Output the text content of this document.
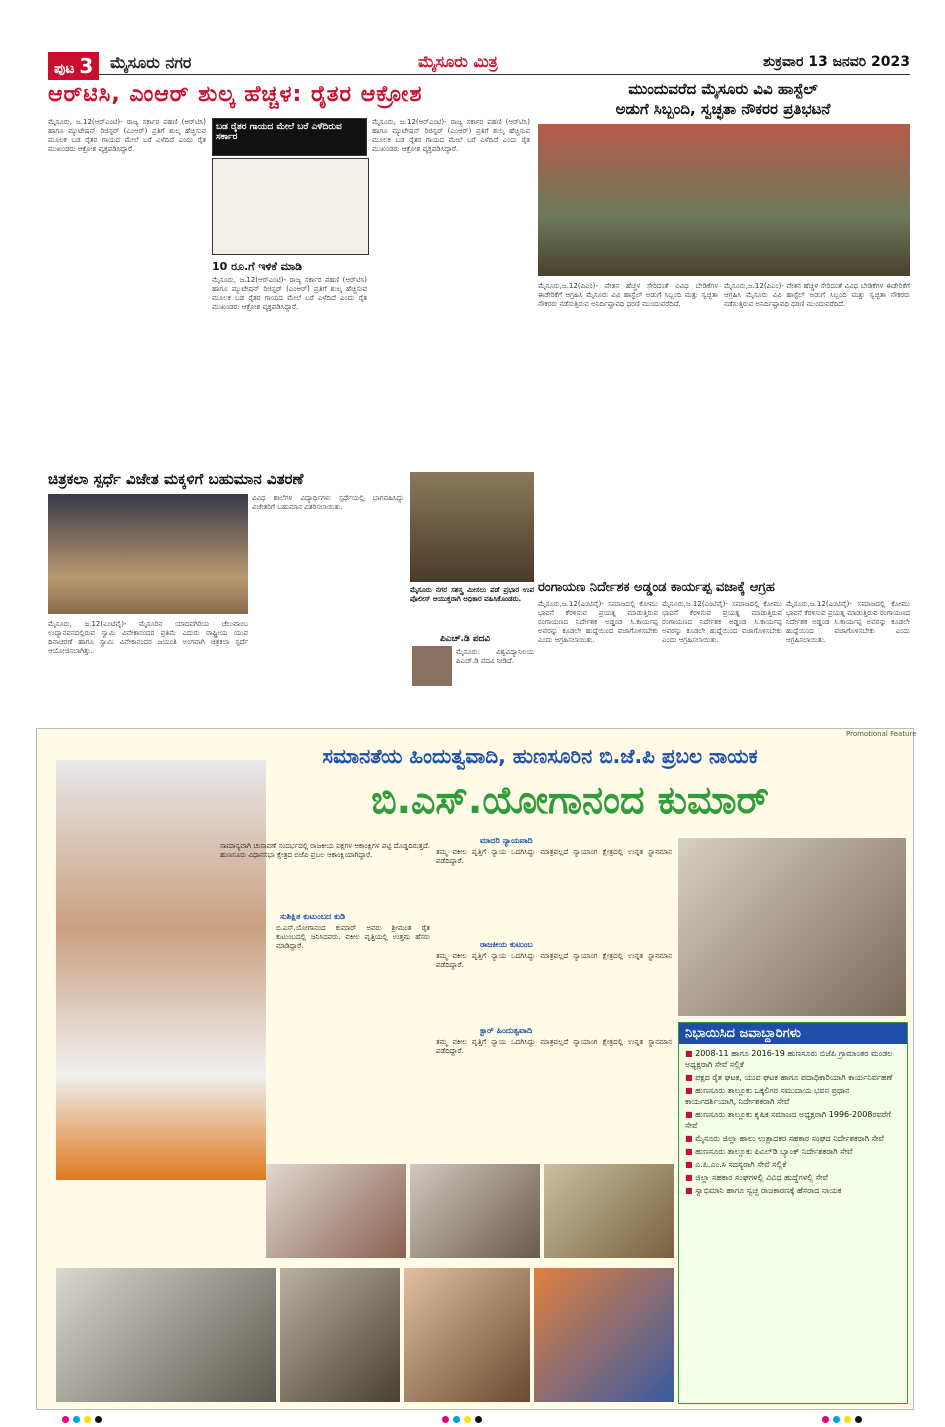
ಪುಟ 3	ಮೈಸೂರು ನಗರ	ಮೈಸೂರು ಮಿತ್ರ	ಶುಕ್ರವಾರ 13 ಜನವರಿ 2023
ಆರ್‌ಟಿಸಿ, ಎಂಆರ್ ಶುಲ್ಕ ಹೆಚ್ಚಳ: ರೈತರ ಆಕ್ರೋಶ
ಮೈಸೂರು, ಜ.12(ಆರ್‌ಎಂಟಿ)- ರಾಜ್ಯ ಸರ್ಕಾರ ಪಹಣಿ (ಆರ್‌ಟಿಸಿ) ಹಾಗೂ ಮ್ಯುಟೇಷನ್ ರಿಜಿಸ್ಟರ್ (ಎಂಆರ್) ಪ್ರತಿಗೆ ಶುಲ್ಕ ಹೆಚ್ಚಿಸುವ ಮೂಲಕ ಬಡ ರೈತರ ಗಾಯದ ಮೇಲೆ ಬರೆ ಎಳೆದಿದೆ ಎಂದು ರೈತ ಮುಖಂಡರು ಆಕ್ರೋಶ ವ್ಯಕ್ತಪಡಿಸಿದ್ದಾರೆ.
ಬಡ ರೈತರ ಗಾಯದ ಮೇಲೆ ಬರೆ ಎಳೆದಿರುವ ಸರ್ಕಾರ
10 ರೂ.ಗೆ ಇಳಿಕೆ ಮಾಡಿ
ಮೈಸೂರು, ಜ.12(ಆರ್‌ಎಂಟಿ)- ರಾಜ್ಯ ಸರ್ಕಾರ ಪಹಣಿ (ಆರ್‌ಟಿಸಿ) ಹಾಗೂ ಮ್ಯುಟೇಷನ್ ರಿಜಿಸ್ಟರ್ (ಎಂಆರ್) ಪ್ರತಿಗೆ ಶುಲ್ಕ ಹೆಚ್ಚಿಸುವ ಮೂಲಕ ಬಡ ರೈತರ ಗಾಯದ ಮೇಲೆ ಬರೆ ಎಳೆದಿದೆ ಎಂದು ರೈತ ಮುಖಂಡರು ಆಕ್ರೋಶ ವ್ಯಕ್ತಪಡಿಸಿದ್ದಾರೆ.
ಮೈಸೂರು, ಜ.12(ಆರ್‌ಎಂಟಿ)- ರಾಜ್ಯ ಸರ್ಕಾರ ಪಹಣಿ (ಆರ್‌ಟಿಸಿ) ಹಾಗೂ ಮ್ಯುಟೇಷನ್ ರಿಜಿಸ್ಟರ್ (ಎಂಆರ್) ಪ್ರತಿಗೆ ಶುಲ್ಕ ಹೆಚ್ಚಿಸುವ ಮೂಲಕ ಬಡ ರೈತರ ಗಾಯದ ಮೇಲೆ ಬರೆ ಎಳೆದಿದೆ ಎಂದು ರೈತ ಮುಖಂಡರು ಆಕ್ರೋಶ ವ್ಯಕ್ತಪಡಿಸಿದ್ದಾರೆ.
ಮುಂದುವರೆದ ಮೈಸೂರು ವಿವಿ ಹಾಸ್ಟೆಲ್
ಅಡುಗೆ ಸಿಬ್ಬಂದಿ, ಸ್ವಚ್ಛತಾ ನೌಕರರ ಪ್ರತಿಭಟನೆ
ಮೈಸೂರು,ಜ.12(ಪಿಎಂ)- ವೇತನ ಹೆಚ್ಚಳ ಸೇರಿದಂತೆ ವಿವಿಧ ಬೇಡಿಕೆಗಳ ಈಡೇರಿಕೆಗೆ ಆಗ್ರಹಿಸಿ ಮೈಸೂರು ವಿವಿ ಹಾಸ್ಟೆಲ್ ಅಡುಗೆ ಸಿಬ್ಬಂದಿ ಮತ್ತು ಸ್ವಚ್ಛತಾ ನೌಕರರು ನಡೆಸುತ್ತಿರುವ ಅನಿರ್ದಿಷ್ಟಾವಧಿ ಧರಣಿ ಮುಂದುವರೆದಿದೆ.
ಮೈಸೂರು,ಜ.12(ಪಿಎಂ)- ವೇತನ ಹೆಚ್ಚಳ ಸೇರಿದಂತೆ ವಿವಿಧ ಬೇಡಿಕೆಗಳ ಈಡೇರಿಕೆಗೆ ಆಗ್ರಹಿಸಿ ಮೈಸೂರು ವಿವಿ ಹಾಸ್ಟೆಲ್ ಅಡುಗೆ ಸಿಬ್ಬಂದಿ ಮತ್ತು ಸ್ವಚ್ಛತಾ ನೌಕರರು ನಡೆಸುತ್ತಿರುವ ಅನಿರ್ದಿಷ್ಟಾವಧಿ ಧರಣಿ ಮುಂದುವರೆದಿದೆ.
ಚಿತ್ರಕಲಾ ಸ್ಪರ್ಧೆ ವಿಜೇತ ಮಕ್ಕಳಿಗೆ ಬಹುಮಾನ ವಿತರಣೆ
ಮೈಸೂರು, ಜ.12(ಎಂಟಿವೈ)- ಮೈಸೂರಿನ ಯಾದವಗಿರಿಯ ಚೆಲುವಾಂಬ ಉದ್ಯಾನವನದಲ್ಲಿರುವ ಸ್ವಾಮಿ ವಿವೇಕಾನಂದರ ಪ್ರತಿಮೆ ಎದುರು ರಾಷ್ಟ್ರೀಯ ಯುವ ದಿನಾಚರಣೆ ಹಾಗೂ ಸ್ವಾಮಿ ವಿವೇಕಾನಂದರ ಜಯಂತಿ ಅಂಗವಾಗಿ ಚಿತ್ರಕಲಾ ಸ್ಪರ್ಧೆ ಆಯೋಜಿಸಲಾಗಿತ್ತು.
ವಿವಿಧ ಶಾಲೆಗಳ ವಿದ್ಯಾರ್ಥಿಗಳು ಸ್ಪರ್ಧೆಯಲ್ಲಿ ಭಾಗವಹಿಸಿದ್ದು ವಿಜೇತರಿಗೆ ಬಹುಮಾನ ವಿತರಿಸಲಾಯಿತು.
ಮೈಸೂರು ನಗರ ಸಶಸ್ತ್ರ ಮೀಸಲು ಪಡೆ ಪ್ರಭಾರ ಉಪ ಪೊಲೀಸ್ ಆಯುಕ್ತರಾಗಿ ಅಧಿಕಾರ ವಹಿಸಿಕೊಂಡರು.
ಪಿಎಚ್‌.ಡಿ ಪದವಿ
ಮೈಸೂರು: ವಿಶ್ವವಿದ್ಯಾನಿಲಯ ಪಿಎಚ್‌.ಡಿ ಪದವಿ ನೀಡಿದೆ.
ರಂಗಾಯಣ ನಿರ್ದೇಶಕ ಅಡ್ಡಂಡ ಕಾರ್ಯಪ್ಪ ವಜಾಕ್ಕೆ ಆಗ್ರಹ
ಮೈಸೂರು,ಜ.12(ಎಂಟಿವೈ)- ಸಮಾಜದಲ್ಲಿ ಕೋಮು ಭಾವನೆ ಕೆರಳಿಸುವ ಪ್ರಯತ್ನ ಮಾಡುತ್ತಿರುವ ರಂಗಾಯಣದ ನಿರ್ದೇಶಕ ಅಡ್ಡಂಡ ಸಿ.ಕಾರ್ಯಪ್ಪ ಅವರನ್ನು ಕೂಡಲೇ ಹುದ್ದೆಯಿಂದ ವಜಾಗೊಳಿಸಬೇಕು ಎಂದು ಆಗ್ರಹಿಸಲಾಯಿತು.
ಮೈಸೂರು,ಜ.12(ಎಂಟಿವೈ)- ಸಮಾಜದಲ್ಲಿ ಕೋಮು ಭಾವನೆ ಕೆರಳಿಸುವ ಪ್ರಯತ್ನ ಮಾಡುತ್ತಿರುವ ರಂಗಾಯಣದ ನಿರ್ದೇಶಕ ಅಡ್ಡಂಡ ಸಿ.ಕಾರ್ಯಪ್ಪ ಅವರನ್ನು ಕೂಡಲೇ ಹುದ್ದೆಯಿಂದ ವಜಾಗೊಳಿಸಬೇಕು ಎಂದು ಆಗ್ರಹಿಸಲಾಯಿತು.
ಮೈಸೂರು,ಜ.12(ಎಂಟಿವೈ)- ಸಮಾಜದಲ್ಲಿ ಕೋಮು ಭಾವನೆ ಕೆರಳಿಸುವ ಪ್ರಯತ್ನ ಮಾಡುತ್ತಿರುವ ರಂಗಾಯಣದ ನಿರ್ದೇಶಕ ಅಡ್ಡಂಡ ಸಿ.ಕಾರ್ಯಪ್ಪ ಅವರನ್ನು ಕೂಡಲೇ ಹುದ್ದೆಯಿಂದ ವಜಾಗೊಳಿಸಬೇಕು ಎಂದು ಆಗ್ರಹಿಸಲಾಯಿತು.
Promotional Feature
ಸಮಾನತೆಯ ಹಿಂದುತ್ವವಾದಿ, ಹುಣಸೂರಿನ ಬಿ.ಜೆ.ಪಿ ಪ್ರಬಲ ನಾಯಕ
ಬಿ.ಎಸ್.ಯೋಗಾನಂದ ಕುಮಾರ್
ಸಾಮಾನ್ಯವಾಗಿ ಚುನಾವಣೆ ಸಂದರ್ಭದಲ್ಲಿ ರಾಜಕೀಯ ಪಕ್ಷಗಳ ಆಕಾಂಕ್ಷಿಗಳ ಪಟ್ಟಿ ದೊಡ್ಡದಿರುತ್ತದೆ. ಹುಣಸೂರು ವಿಧಾನಸಭಾ ಕ್ಷೇತ್ರದ ಬಿಜೆಪಿ ಪ್ರಬಲ ಆಕಾಂಕ್ಷಿಯಾಗಿದ್ದಾರೆ.
ಸುಶಿಕ್ಷಿತ ಕುಟುಂಬದ ಕುಡಿ
ಬಿ.ಎಸ್.ಯೋಗಾನಂದ ಕುಮಾರ್ ಅವರು ಶ್ರೀಮಂತ ರೈತ ಕುಟುಂಬದಲ್ಲಿ ಜನಿಸಿದವರು. ವಕೀಲ ವೃತ್ತಿಯಲ್ಲಿ ಉತ್ತಮ ಹೆಸರು ಮಾಡಿದ್ದಾರೆ.
ಮಾದರಿ ನ್ಯಾಯವಾದಿ
ತಮ್ಮ ವಕೀಲ ವೃತ್ತಿಗೆ ನ್ಯಾಯ ಒದಗಿಸಿದ್ದು ಮಾತ್ರವಲ್ಲದೆ ನ್ಯಾಯಾಂಗ ಕ್ಷೇತ್ರದಲ್ಲಿ ಉನ್ನತ ಸ್ಥಾನಮಾನ ಪಡೆದಿದ್ದಾರೆ.
ರಾಜಕೀಯ ಕುಟುಂಬ
ತಮ್ಮ ವಕೀಲ ವೃತ್ತಿಗೆ ನ್ಯಾಯ ಒದಗಿಸಿದ್ದು ಮಾತ್ರವಲ್ಲದೆ ನ್ಯಾಯಾಂಗ ಕ್ಷೇತ್ರದಲ್ಲಿ ಉನ್ನತ ಸ್ಥಾನಮಾನ ಪಡೆದಿದ್ದಾರೆ.
ಕ್ಟಾರ್ ಹಿಂದುತ್ವವಾದಿ
ತಮ್ಮ ವಕೀಲ ವೃತ್ತಿಗೆ ನ್ಯಾಯ ಒದಗಿಸಿದ್ದು ಮಾತ್ರವಲ್ಲದೆ ನ್ಯಾಯಾಂಗ ಕ್ಷೇತ್ರದಲ್ಲಿ ಉನ್ನತ ಸ್ಥಾನಮಾನ ಪಡೆದಿದ್ದಾರೆ.
ನಿಭಾಯಿಸಿದ ಜವಾಬ್ದಾರಿಗಳು
■ 2008-11 ಹಾಗೂ 2016-19 ಹುಣಸೂರು ಬಿಜೆಪಿ ಗ್ರಾಮಾಂತರ ಮಂಡಲ ಅಧ್ಯಕ್ಷರಾಗಿ ಸೇವೆ ಸಲ್ಲಿಕೆ
■ ಪಕ್ಷದ ರೈತ ಘಟಕ, ಯುವ ಘಟಕ ಹಾಗೂ ಪದಾಧಿಕಾರಿಯಾಗಿ ಕಾರ್ಯನಿರ್ವಹಣೆ
■ ಹುಣಸೂರು ತಾಲ್ಲೂಕು ಒಕ್ಕಲಿಗರ ಸಮುದಾಯ ಭವನ ಪ್ರಧಾನ ಕಾರ್ಯದರ್ಶಿಯಾಗಿ, ನಿರ್ದೇಶಕರಾಗಿ ಸೇವೆ
■ ಹುಣಸೂರು ತಾಲ್ಲೂಕು ಕೃಷಿಕ ಸಮಾಜದ ಅಧ್ಯಕ್ಷರಾಗಿ 1996-2008ರವರೆಗೆ ಸೇವೆ
■ ಮೈಸೂರು ಜಿಲ್ಲಾ ಹಾಲು ಉತ್ಪಾದಕರ ಸಹಕಾರ ಸಂಘದ ನಿರ್ದೇಶಕರಾಗಿ ಸೇವೆ
■ ಹುಣಸೂರು ತಾಲ್ಲೂಕು ಪಿಎಲ್‌ಡಿ ಬ್ಯಾಂಕ್ ನಿರ್ದೇಶಕರಾಗಿ ಸೇವೆ
■ ಎ.ಪಿ.ಎಂ.ಸಿ ಸದಸ್ಯರಾಗಿ ಸೇವೆ ಸಲ್ಲಿಕೆ
■ ಜಿಲ್ಲಾ ಸಹಕಾರ ಸಂಘಗಳಲ್ಲಿ ವಿವಿಧ ಹುದ್ದೆಗಳಲ್ಲಿ ಸೇವೆ
■ ಸ್ವಾಭಿಮಾನಿ ಹಾಗೂ ಸ್ವಚ್ಛ ರಾಜಕಾರಣಕ್ಕೆ ಹೆಸರಾದ ನಾಯಕ
